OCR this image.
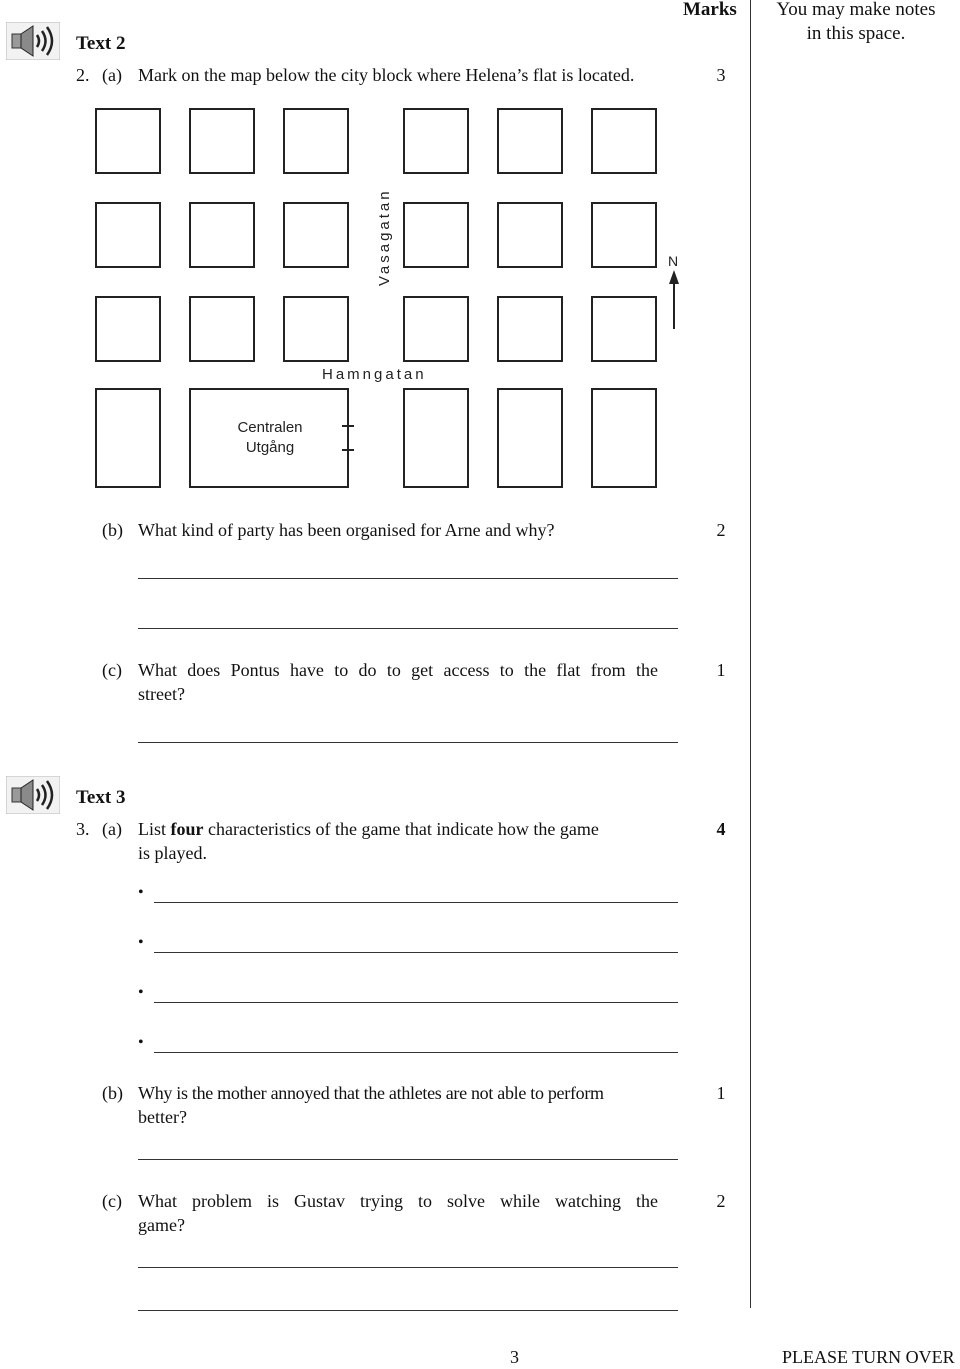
Marks	You may make notes
in this space.
Text 2
2. (a) Mark on the map below the city block where Helena’s flat is located.	3
Centralen
Utgång
Hamngatan
Vasagatan	N
(b) What kind of party has been organised for Arne and why?	2
(c) What does Pontus have to do to get access to the flat from the
street?
1
Text 3
3. (a) List four characteristics of the game that indicate how the game
is played.
4
•
•
•
•
(b) Why is the mother annoyed that the athletes are not able to perform
better?
1
(c) What problem is Gustav trying to solve while watching the
game?
2
3	PLEASE TURN OVER
